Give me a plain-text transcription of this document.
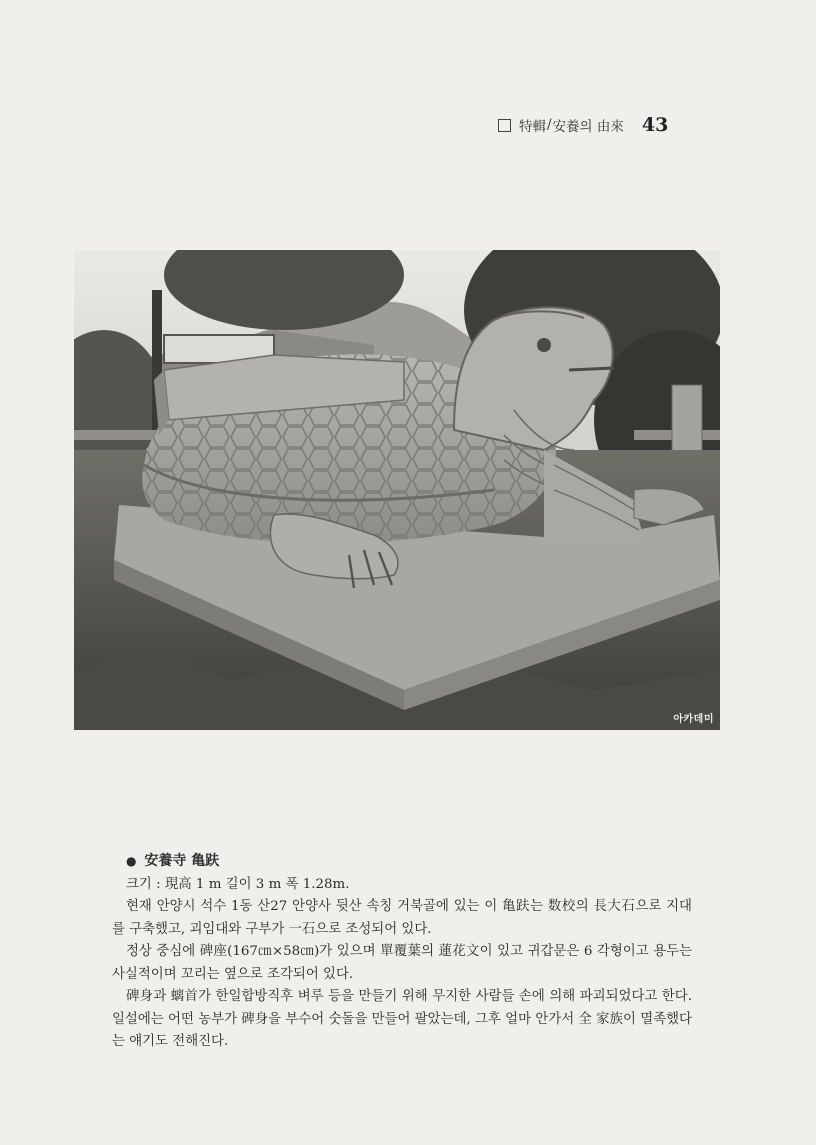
特輯 / 安養의 由來 43
아카데미
● 安養寺 亀趺

크기 : 現高 1 m 길이 3 m 폭 1.28m.

현재 안양시 석수 1동 산27 안양사 뒷산 속칭 거북골에 있는 이 亀趺는 数校의 長大石으로 지대를 구축했고, 괴임대와 구부가 一石으로 조성되어 있다.

정상 중심에 碑座(167㎝×58㎝)가 있으며 單覆葉의 蓮花文이 있고 귀갑문은 6 각형이고 용두는 사실적이며 꼬리는 옆으로 조각되어 있다.

碑身과 螭首가 한일합방직후 벼루 등을 만들기 위해 무지한 사람들 손에 의해 파괴되었다고 한다. 일설에는 어떤 농부가 碑身을 부수어 숫돌을 만들어 팔았는데, 그후 얼마 안가서 全 家族이 멸족했다는 얘기도 전해진다.
